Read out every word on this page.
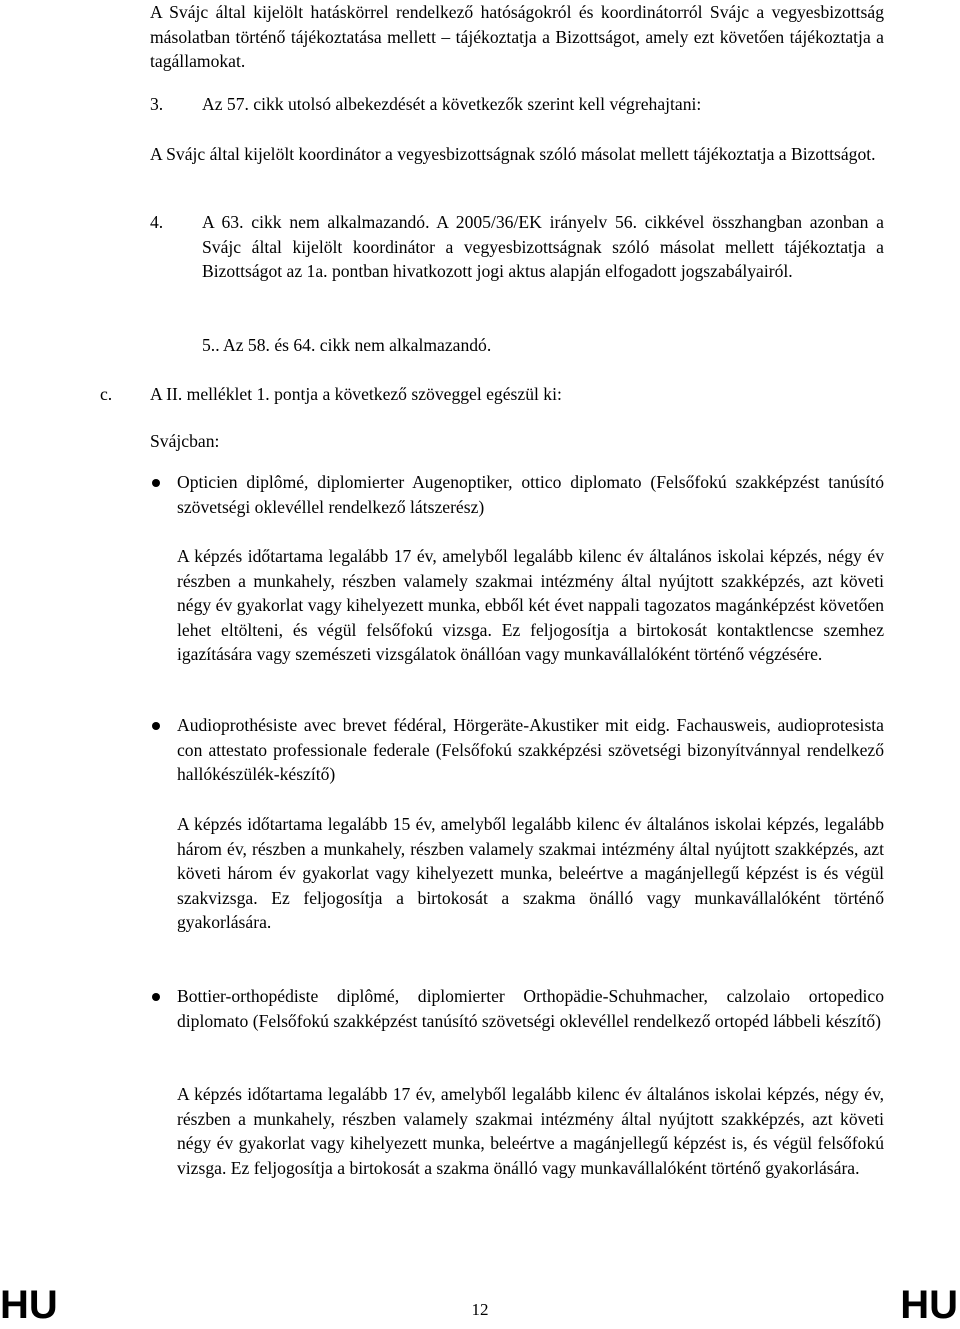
A Svájc által kijelölt hatáskörrel rendelkező hatóságokról és koordinátorról Svájc a vegyesbizottság másolatban történő tájékoztatása mellett – tájékoztatja a Bizottságot, amely ezt követően tájékoztatja a tagállamokat.

3. Az 57. cikk utolsó albekezdését a következők szerint kell végrehajtani:

A Svájc által kijelölt koordinátor a vegyesbizottságnak szóló másolat mellett tájékoztatja a Bizottságot.

4. A 63. cikk nem alkalmazandó. A 2005/36/EK irányelv 56. cikkével összhangban azonban a Svájc által kijelölt koordinátor a vegyesbizottságnak szóló másolat mellett tájékoztatja a Bizottságot az 1a. pontban hivatkozott jogi aktus alapján elfogadott jogszabályairól.

5.. Az 58. és 64. cikk nem alkalmazandó.
c. A II. melléklet 1. pontja a következő szöveggel egészül ki:
Svájcban:

Opticien diplômé, diplomierter Augenoptiker, ottico diplomato (Felsőfokú szakképzést tanúsító szövetségi oklevéllel rendelkező látszerész)

A képzés időtartama legalább 17 év, amelyből legalább kilenc év általános iskolai képzés, négy év részben a munkahely, részben valamely szakmai intézmény által nyújtott szakképzés, azt követi négy év gyakorlat vagy kihelyezett munka, ebből két évet nappali tagozatos magánképzést követően lehet eltölteni, és végül felsőfokú vizsga. Ez feljogosítja a birtokosát kontaktlencse szemhez igazítására vagy szemészeti vizsgálatok önállóan vagy munkavállalóként történő végzésére.

Audioprothésiste avec brevet fédéral, Hörgeräte-Akustiker mit eidg. Fachausweis, audioprotesista con attestato professionale federale (Felsőfokú szakképzési szövetségi bizonyítvánnyal rendelkező hallókészülék-készítő)

A képzés időtartama legalább 15 év, amelyből legalább kilenc év általános iskolai képzés, legalább három év, részben a munkahely, részben valamely szakmai intézmény által nyújtott szakképzés, azt követi három év gyakorlat vagy kihelyezett munka, beleértve a magánjellegű képzést is és végül szakvizsga. Ez feljogosítja a birtokosát a szakma önálló vagy munkavállalóként történő gyakorlására.

Bottier-orthopédiste diplômé, diplomierter Orthopädie-Schuhmacher, calzolaio ortopedico diplomato (Felsőfokú szakképzést tanúsító szövetségi oklevéllel rendelkező ortopéd lábbeli készítő)

A képzés időtartama legalább 17 év, amelyből legalább kilenc év általános iskolai képzés, négy év, részben a munkahely, részben valamely szakmai intézmény által nyújtott szakképzés, azt követi négy év gyakorlat vagy kihelyezett munka, beleértve a magánjellegű képzést is, és végül felsőfokú vizsga. Ez feljogosítja a birtokosát a szakma önálló vagy munkavállalóként történő gyakorlására.

HU	12	HU
